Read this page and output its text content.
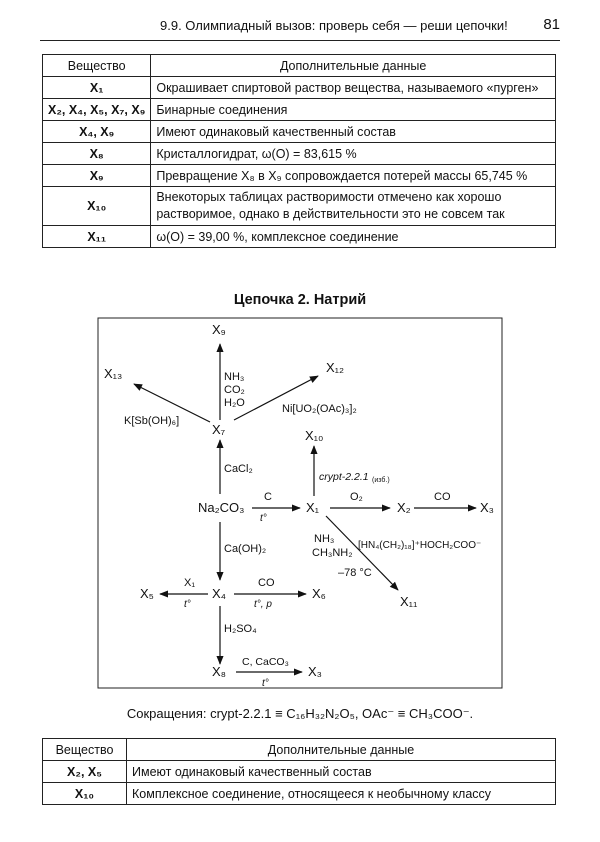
9.9. Олимпиадный вызов: проверь себя — реши цепочки! 81
Вещество	Дополнительные данные
X₁	Окрашивает спиртовой раствор вещества, называемого «пурген»
X₂, X₄, X₅, X₇, X₉	Бинарные соединения
X₄, X₉	Имеют одинаковый качественный состав
X₈	Кристаллогидрат, ω(O) = 83,615 %
X₉	Превращение X₈ в X₉ сопровождается потерей массы 65,745 %
X₁₀	Внекоторых таблицах растворимости отмечено как хорошо растворимое, однако в действительности это не совсем так
X₁₁	ω(O) = 39,00 %, комплексное соединение
Цепочка 2. Натрий
X₉
NH₃
CO₂
H₂O
X₁₃
K[Sb(OH)₆]
X₁₂
Ni[UO₂(OAc)₃]₂
X₇
CaCl₂
X₁₀
crypt-2.2.1 (изб.)
Na₂CO₃
C
t°
X₁
O₂
X₂
CO
X₃
NH₃
CH₃NH₂
–78 °C
[HN₄(CH₂)₁₈]⁺HOCH₂COO⁻
X₁₁
Ca(OH)₂
X₅
X₁
t°
X₄
CO
t°, p
X₆
H₂SO₄
X₈
C, CaCO₃
t°
X₃
Сокращения: crypt-2.2.1 ≡ C₁₆H₃₂N₂O₅, OAc⁻ ≡ CH₃COO⁻.
Вещество	Дополнительные данные
X₂, X₅	Имеют одинаковый качественный состав
X₁₀	Комплексное соединение, относящееся к необычному классу
